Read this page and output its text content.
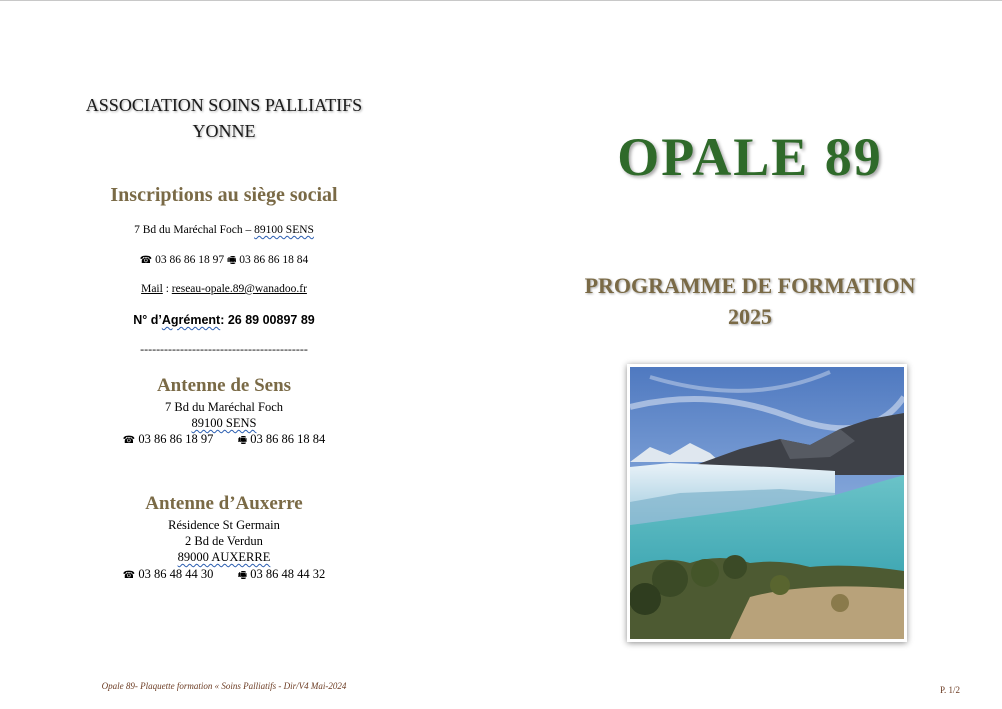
ASSOCIATION SOINS PALLIATIFS
YONNE
Inscriptions au siège social
7 Bd du Maréchal Foch – 89100 SENS
☎ 03 86 86 18 97 🖷 03 86 86 18 84
Mail : reseau-opale.89@wanadoo.fr
N° d’Agrément: 26 89 00897 89
------------------------------------------
Antenne de Sens
7 Bd du Maréchal Foch
89100 SENS
☎ 03 86 86 18 97 🖷 03 86 86 18 84
Antenne d’Auxerre
Résidence St Germain
2 Bd de Verdun
89000 AUXERRE
☎ 03 86 48 44 30 🖷 03 86 48 44 32
Opale 89- Plaquette formation « Soins Palliatifs - Dir/V4 Mai-2024
OPALE 89
PROGRAMME DE FORMATION
2025
P. 1/2
